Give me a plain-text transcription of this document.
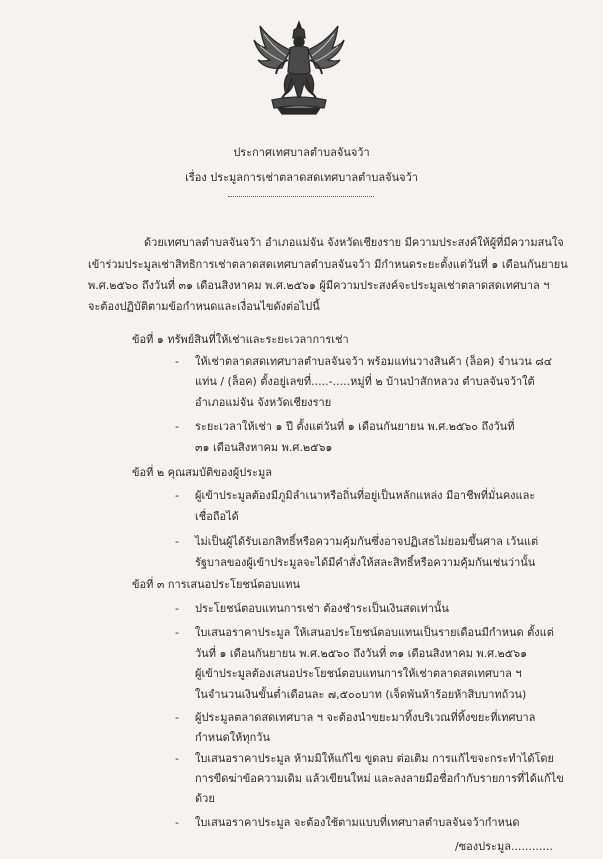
ประกาศเทศบาลตำบลจันจว้า
เรื่อง ประมูลการเช่าตลาดสดเทศบาลตำบลจันจว้า
ด้วยเทศบาลตำบลจันจว้า อำเภอแม่จัน จังหวัดเชียงราย มีความประสงค์ให้ผู้ที่มีความสนใจ
เข้าร่วมประมูลเช่าสิทธิการเช่าตลาดสดเทศบาลตำบลจันจว้า มีกำหนดระยะตั้งแต่วันที่ ๑ เดือนกันยายน
พ.ศ.๒๕๖๐ ถึงวันที่ ๓๑ เดือนสิงหาคม พ.ศ.๒๕๖๑ ผู้มีความประสงค์จะประมูลเช่าตลาดสดเทศบาล ฯ
จะต้องปฏิบัติตามข้อกำหนดและเงื่อนไขดังต่อไปนี้
ข้อที่ ๑ ทรัพย์สินที่ให้เช่าและระยะเวลาการเช่า
- ให้เช่าตลาดสดเทศบาลตำบลจันจว้า พร้อมแท่นวางสินค้า (ล็อค) จำนวน ๘๔
แท่น / (ล็อค) ตั้งอยู่เลขที่.....-.....หมู่ที่ ๒ บ้านป่าสักหลวง ตำบลจันจว้าใต้
อำเภอแม่จัน จังหวัดเชียงราย
- ระยะเวลาให้เช่า ๑ ปี ตั้งแต่วันที่ ๑ เดือนกันยายน พ.ศ.๒๕๖๐ ถึงวันที่
๓๑ เดือนสิงหาคม พ.ศ.๒๕๖๑
ข้อที่ ๒ คุณสมบัติของผู้ประมูล
- ผู้เข้าประมูลต้องมีภูมิลำเนาหรือถิ่นที่อยู่เป็นหลักแหล่ง มีอาชีพที่มั่นคงและ
เชื่อถือได้
- ไม่เป็นผู้ได้รับเอกสิทธิ์หรือความคุ้มกันซึ่งอาจปฏิเสธไม่ยอมขึ้นศาล เว้นแต่
รัฐบาลของผู้เข้าประมูลจะได้มีคำสั่งให้สละสิทธิ์หรือความคุ้มกันเช่นว่านั้น
ข้อที่ ๓ การเสนอประโยชน์ตอบแทน
- ประโยชน์ตอบแทนการเช่า ต้องชำระเป็นเงินสดเท่านั้น
- ใบเสนอราคาประมูล ให้เสนอประโยชน์ตอบแทนเป็นรายเดือนมีกำหนด ตั้งแต่
วันที่ ๑ เดือนกันยายน พ.ศ.๒๕๖๐ ถึงวันที่ ๓๑ เดือนสิงหาคม พ.ศ.๒๕๖๑
ผู้เข้าประมูลต้องเสนอประโยชน์ตอบแทนการให้เช่าตลาดสดเทศบาล ฯ
ในจำนวนเงินขั้นต่ำเดือนละ ๗,๕๐๐บาท (เจ็ดพันห้าร้อยห้าสิบบาทถ้วน)
- ผู้ประมูลตลาดสดเทศบาล ฯ จะต้องนำขยะมาทิ้งบริเวณที่ทิ้งขยะที่เทศบาล
กำหนดให้ทุกวัน
- ใบเสนอราคาประมูล ห้ามมิให้แก้ไข ขูดลบ ต่อเติม การแก้ไขจะกระทำได้โดย
การขีดฆ่าข้อความเดิม แล้วเขียนใหม่ และลงลายมือชื่อกำกับรายการที่ได้แก้ไข
ด้วย
- ใบเสนอราคาประมูล จะต้องใช้ตามแบบที่เทศบาลตำบลจันจว้ากำหนด
/ซองประมูล............
